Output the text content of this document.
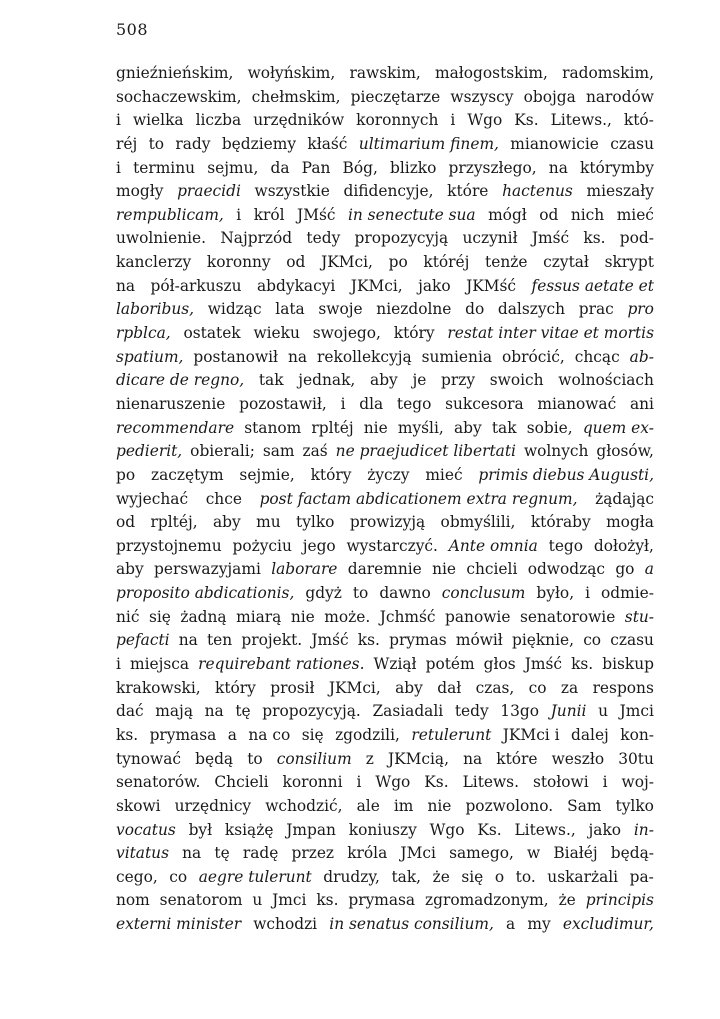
508
gnieźnieńskim, wołyńskim, rawskim, małogostskim, radomskim,
sochaczewskim, chełmskim, pieczętarze wszyscy obojga narodów
i wielka liczba urzędników koronnych i Wgo Ks. Litews., któ-
réj to rady będziemy kłaść ultimarium finem, mianowicie czasu
i terminu sejmu, da Pan Bóg, blizko przyszłego, na którymby
mogły praecidi wszystkie difidencyje, które hactenus mieszały
rempublicam, i król JMść in senectute sua mógł od nich mieć
uwolnienie. Najprzód tedy propozycyją uczynił Jmść ks. pod-
kanclerzy koronny od JKMci, po któréj tenże czytał skrypt
na pół-arkuszu abdykacyi JKMci, jako JKMść fessus aetate et
laboribus, widząc lata swoje niezdolne do dalszych prac pro
rpblca, ostatek wieku swojego, który restat inter vitae et mortis
spatium, postanowił na rekollekcyją sumienia obrócić, chcąc ab-
dicare de regno, tak jednak, aby je przy swoich wolnościach
nienaruszenie pozostawił, i dla tego sukcesora mianować ani
recommendare stanom rpltéj nie myśli, aby tak sobie, quem ex-
pedierit, obierali; sam zaś ne praejudicet libertati wolnych głosów,
po zaczętym sejmie, który życzy mieć primis diebus Augusti,
wyjechać chce post factam abdicationem extra regnum, żądając
od rpltéj, aby mu tylko prowizyją obmyślili, któraby mogła
przystojnemu pożyciu jego wystarczyć. Ante omnia tego dołożył,
aby perswazyjami laborare daremnie nie chcieli odwodząc go a
proposito abdicationis, gdyż to dawno conclusum było, i odmie-
nić się żadną miarą nie może. Jchmść panowie senatorowie stu-
pefacti na ten projekt. Jmść ks. prymas mówił pięknie, co czasu
i miejsca requirebant rationes. Wziął potém głos Jmść ks. biskup
krakowski, który prosił JKMci, aby dał czas, co za respons
dać mają na tę propozycyją. Zasiadali tedy 13go Junii u Jmci
ks. prymasa a na co się zgodzili, retulerunt JKMci i dalej kon-
tynować będą to consilium z JKMcią, na które weszło 30tu
senatorów. Chcieli koronni i Wgo Ks. Litews. stołowi i woj-
skowi urzędnicy wchodzić, ale im nie pozwolono. Sam tylko
vocatus był książę Jmpan koniuszy Wgo Ks. Litews., jako in-
vitatus na tę radę przez króla JMci samego, w Białéj będą-
cego, co aegre tulerunt drudzy, tak, że się o to. uskarżali pa-
nom senatorom u Jmci ks. prymasa zgromadzonym, że principis
externi minister wchodzi in senatus consilium, a my excludimur,
